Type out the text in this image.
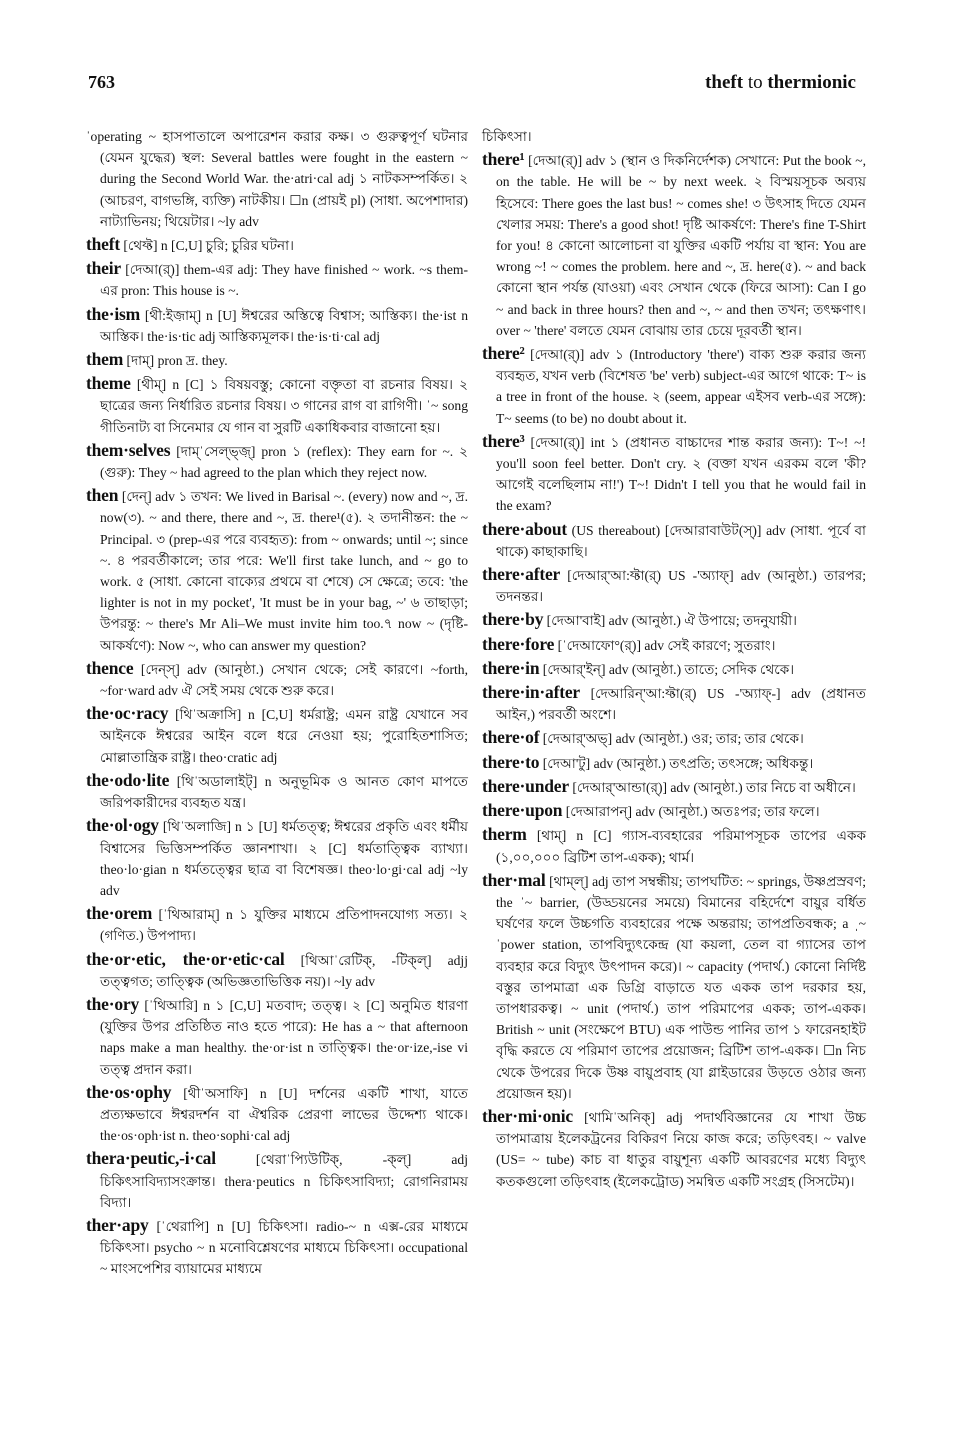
763	theft to thermionic

ˈoperating ~ হাসপাতালে অপারেশন করার কক্ষ। ৩ গুরুত্বপূর্ণ ঘটনার (যেমন যুদ্ধের) স্থল: Several battles were fought in the eastern ~ during the Second World War. the·atri·cal adj ১ নাটকসম্পর্কিত। ২ (আচরণ, বাগভঙ্গি, ব্যক্তি) নাটকীয়। ☐n (প্রায়ই pl) (সাধা. অপেশাদার) নাট্যাভিনয়; থিয়েটার। ~ly adv

theft [থেফ্ট] n [C,U] চুরি; চুরির ঘটনা।

their [দেআ(র্)] them-এর adj: They have finished ~ work. ~s them-এর pron: This house is ~.

the·ism [থী:ইজ়াম্] n [U] ঈশ্বরের অস্তিত্বে বিশ্বাস; আস্তিক্য। the·ist n আস্তিক। the·is·tic adj আস্তিক্যমূলক। the·is·ti·cal adj

them [দাম্] pron দ্র. they.

theme [থীম্] n [C] ১ বিষয়বস্তু; কোনো বক্তৃতা বা রচনার বিষয়। ২ ছাত্রের জন্য নির্ধারিত রচনার বিষয়। ৩ গানের রাগ বা রাগিণী। ˈ~ song গীতিনাট্য বা সিনেমার যে গান বা সুরটি একাধিকবার বাজানো হয়।

them·selves [দাম্ˈসেল্ভ্জ়্] pron ১ (reflex): They earn for ~. ২ (গুরু): They ~ had agreed to the plan which they reject now.

then [দেন্] adv ১ তখন: We lived in Barisal ~. (every) now and ~, দ্র. now(৩). ~ and there, there and ~, দ্র. there¹(৫). ২ তদানীন্তন: the ~ Principal. ৩ (prep-এর পরে ব্যবহৃত): from ~ onwards; until ~; since ~. ৪ পরবর্তীকালে; তার পরে: We'll first take lunch, and ~ go to work. ৫ (সাধা. কোনো বাক্যের প্রথমে বা শেষে) সে ক্ষেত্রে; তবে: 'the lighter is not in my pocket', 'It must be in your bag, ~' ৬ তাছাড়া; উপরন্তু: ~ there's Mr Ali–We must invite him too.৭ now ~ (দৃষ্টি-আকর্ষণে): Now ~, who can answer my question?

thence [দেন্স্] adv (আনুষ্ঠা.) সেখান থেকে; সেই কারণে। ~forth, ~for·ward adv ঐ সেই সময় থেকে শুরু করে।

the·oc·racy [থিˈঅক্রাসি] n [C,U] ধর্মরাষ্ট্র; এমন রাষ্ট্র যেখানে সব আইনকে ঈশ্বরের আইন বলে ধরে নেওয়া হয়; পুরোহিতশাসিত; মোল্লাতান্ত্রিক রাষ্ট্র। theo·cratic adj

the·odo·lite [থিˈঅডালাইট্] n অনুভূমিক ও আনত কোণ মাপতে জরিপকারীদের ব্যবহৃত যন্ত্র।

the·ol·ogy [থিˈঅলাজি] n ১ [U] ধর্মতত্ত্ব; ঈশ্বরের প্রকৃতি এবং ধর্মীয় বিশ্বাসের ভিত্তিসম্পর্কিত জ্ঞানশাখা। ২ [C] ধর্মতাত্ত্বিক ব্যাখ্যা। theo·lo·gian n ধর্মতত্ত্বের ছাত্র বা বিশেষজ্ঞ। theo·lo·gi·cal adj ~ly adv

the·orem [ˈথিআরাম্] n ১ যুক্তির মাধ্যমে প্রতিপাদনযোগ্য সত্য। ২ (গণিত.) উপপাদ্য।

the·or·etic, the·or·etic·cal [থিআˈরেটিক্, -টিক্ল্] adjj তত্ত্বগত; তাত্ত্বিক (অভিজ্ঞতাভিত্তিক নয়)। ~ly adv

the·ory [ˈথিআরি] n ১ [C,U] মতবাদ; তত্ত্ব। ২ [C] অনুমিত ধারণা (যুক্তির উপর প্রতিষ্ঠিত নাও হতে পারে): He has a ~ that afternoon naps make a man healthy. the·or·ist n তাত্ত্বিক। the·or·ize,-ise vi তত্ত্ব প্রদান করা।

the·os·ophy [থীˈঅসাফি] n [U] দর্শনের একটি শাখা, যাতে প্রত্যক্ষভাবে ঈশ্বরদর্শন বা ঐশ্বরিক প্রেরণা লাভের উদ্দেশ্য থাকে। the·os·oph·ist n. theo·sophi·cal adj

thera·peutic,-i·cal [থেরাˈপ্যিউটিক্, -ক্ল্] adj চিকিৎসাবিদ্যাসংক্রান্ত। thera·peutics n চিকিৎসাবিদ্যা; রোগনিরাময় বিদ্যা।

ther·apy [ˈথেরাপি] n [U] চিকিৎসা। radio-~ n এক্স-রের মাধ্যমে চিকিৎসা। psycho ~ n মনোবিশ্লেষণের মাধ্যমে চিকিৎসা। occupational ~ মাংসপেশির ব্যায়ামের মাধ্যমে

চিকিৎসা।

there¹ [দেআ(র্)] adv ১ (স্থান ও দিকনির্দেশক) সেখানে: Put the book ~, on the table. He will be ~ by next week. ২ বিস্ময়সূচক অব্যয় হিসেবে: There goes the last bus! ~ comes she! ৩ উৎসাহ দিতে যেমন খেলার সময়: There's a good shot! দৃষ্টি আকর্ষণে: There's fine T-Shirt for you! ৪ কোনো আলোচনা বা যুক্তির একটি পর্যায় বা স্থান: You are wrong ~! ~ comes the problem. here and ~, দ্র. here(৫). ~ and back কোনো স্থান পর্যন্ত (যাওয়া) এবং সেখান থেকে (ফিরে আসা): Can I go ~ and back in three hours? then and ~, ~ and then তখন; তৎক্ষণাৎ। over ~ 'there' বলতে যেমন বোঝায় তার চেয়ে দূরবর্তী স্থান।

there² [দেআ(র্)] adv ১ (Introductory 'there') বাক্য শুরু করার জন্য ব্যবহৃত, যখন verb (বিশেষত 'be' verb) subject-এর আগে থাকে: T~ is a tree in front of the house. ২ (seem, appear এইসব verb-এর সঙ্গে): T~ seems (to be) no doubt about it.

there³ [দেআ(র্)] int ১ (প্রধানত বাচ্চাদের শান্ত করার জন্য): T~! ~! you'll soon feel better. Don't cry. ২ (বক্তা যখন এরকম বলে 'কী? আগেই বলেছিলাম না!') T~! Didn't I tell you that he would fail in the exam?

there·about (US thereabout) [দেআরাবাউট(স্)] adv (সাধা. পূর্বে বা থাকে) কাছাকাছি।

there·after [দেআর্'আ:ফ্টা(র্) US -'অ্যাফ্] adv (আনুষ্ঠা.) তারপর; তদনন্তর।

there·by [দেআ'বাই] adv (আনুষ্ঠা.) ঐ উপায়ে; তদনুযায়ী।

there·fore [ˈদেআফো°(র্)] adv সেই কারণে; সুতরাং।

there·in [দেআর্'ইন্] adv (আনুষ্ঠা.) তাতে; সেদিক থেকে।

there·in·after [দেআরিন্'আ:ফ্টা(র্) US -'অ্যাফ্-] adv (প্রধানত আইন,) পরবর্তী অংশে।

there·of [দেআর্'অভ্] adv (আনুষ্ঠা.) ওর; তার; তার থেকে।

there·to [দেআ'টু] adv (আনুষ্ঠা.) তৎপ্রতি; তৎসঙ্গে; অধিকন্তু।

there·under [দেআর্'আন্ডা(র্)] adv (আনুষ্ঠা.) তার নিচে বা অধীনে।

there·upon [দেআরাপন্] adv (আনুষ্ঠা.) অতঃপর; তার ফলে।

therm [থাম্] n [C] গ্যাস-ব্যবহারের পরিমাপসূচক তাপের একক (১,০০,০০০ ব্রিটিশ তাপ-একক); থার্ম।

ther·mal [থাম্ল্] adj তাপ সম্বন্ধীয়; তাপঘটিত: ~ springs, উষ্ণপ্রস্রবণ; the ˈ~ barrier, (উড্ডয়নের সময়ে) বিমানের বহির্দেশে বায়ুর বর্ধিত ঘর্ষণের ফলে উচ্চগতি ব্যবহারের পক্ষে অন্তরায়; তাপপ্রতিবন্ধক; a ˌ~ˈpower station, তাপবিদ্যুৎকেন্দ্র (যা কয়লা, তেল বা গ্যাসের তাপ ব্যবহার করে বিদ্যুৎ উৎপাদন করে)। ~ capacity (পদার্থ.) কোনো নির্দিষ্ট বস্তুর তাপমাত্রা এক ডিগ্রি বাড়াতে যত একক তাপ দরকার হয়, তাপধারকত্ব। ~ unit (পদার্থ.) তাপ পরিমাপের একক; তাপ-একক। British ~ unit (সংক্ষেপে BTU) এক পাউন্ড পানির তাপ ১ ফারেনহাইট বৃদ্ধি করতে যে পরিমাণ তাপের প্রয়োজন; ব্রিটিশ তাপ-একক। ☐n নিচ থেকে উপরের দিকে উষ্ণ বায়ুপ্রবাহ (যা গ্লাইডারের উড়তে ওঠার জন্য প্রয়োজন হয়)।

ther·mi·onic [থামিˈঅনিক্] adj পদার্থবিজ্ঞানের যে শাখা উচ্চ তাপমাত্রায় ইলেকট্রনের বিকিরণ নিয়ে কাজ করে; তড়িৎবহ। ~ valve (US= ~ tube) কাচ বা ধাতুর বায়ুশূন্য একটি আবরণের মধ্যে বিদ্যুৎ কতকগুলো তড়িৎবাহ (ইলেকট্রোড) সমন্বিত একটি সংগ্রহ (সিসটেম)।
